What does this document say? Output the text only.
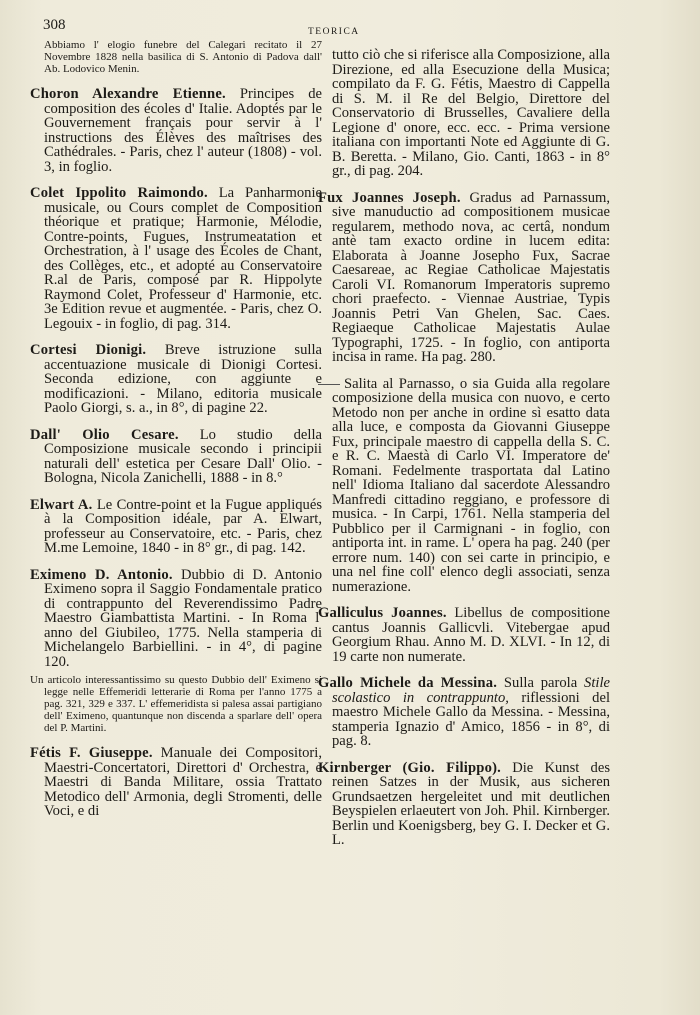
308	TEORICA

Abbiamo l' elogio funebre del Calegari recitato il 27 Novembre 1828 nella basilica di S. Antonio di Padova dall' Ab. Lodovico Menin.

Choron Alexandre Etienne. Principes de composition des écoles d' Italie. Adoptés par le Gouvernement français pour servir à l' instructions des Élèves des maîtrises des Cathédrales. - Paris, chez l' auteur (1808) - vol. 3, in foglio.

Colet Ippolito Raimondo. La Panharmonie musicale, ou Cours complet de Composition théorique et pratique; Harmonie, Mélodie, Contre-points, Fugues, Instrumeatation et Orchestration, à l' usage des Écoles de Chant, des Collèges, etc., et adopté au Conservatoire R.al de Paris, composé par R. Hippolyte Raymond Colet, Professeur d' Harmonie, etc. 3e Edition revue et augmentée. - Paris, chez O. Legouix - in foglio, di pag. 314.

Cortesi Dionigi. Breve istruzione sulla accentuazione musicale di Dionigi Cortesi. Seconda edizione, con aggiunte e modificazioni. - Milano, editoria musicale Paolo Giorgi, s. a., in 8°, di pagine 22.

Dall' Olio Cesare. Lo studio della Composizione musicale secondo i principii naturali dell' estetica per Cesare Dall' Olio. - Bologna, Nicola Zanichelli, 1888 - in 8.°

Elwart A. Le Contre-point et la Fugue appliqués à la Composition idéale, par A. Elwart, professeur au Conservatoire, etc. - Paris, chez M.me Lemoine, 1840 - in 8° gr., di pag. 142.

Eximeno D. Antonio. Dubbio di D. Antonio Eximeno sopra il Saggio Fondamentale pratico di contrappunto del Reverendissimo Padre Maestro Giambattista Martini. - In Roma l' anno del Giubileo, 1775. Nella stamperia di Michelangelo Barbiellini. - in 4°, di pagine 120.

Un articolo interessantissimo su questo Dubbio dell' Eximeno si legge nelle Effemeridi letterarie di Roma per l'anno 1775 a pag. 321, 329 e 337. L' effemeridista si palesa assai partigiano dell' Eximeno, quantunque non discenda a sparlare dell' opera del P. Martini.

Fétis F. Giuseppe. Manuale dei Compositori, Maestri-Concertatori, Direttori d' Orchestra, e Maestri di Banda Militare, ossia Trattato Metodico dell' Armonia, degli Stromenti, delle Voci, e di

tutto ciò che si riferisce alla Composizione, alla Direzione, ed alla Esecuzione della Musica; compilato da F. G. Fétis, Maestro di Cappella di S. M. il Re del Belgio, Direttore del Conservatorio di Brusselles, Cavaliere della Legione d' onore, ecc. ecc. - Prima versione italiana con importanti Note ed Aggiunte di G. B. Beretta. - Milano, Gio. Canti, 1863 - in 8° gr., di pag. 204.

Fux Joannes Joseph. Gradus ad Parnassum, sive manuductio ad compositionem musicae regularem, methodo nova, ac certâ, nondum antè tam exacto ordine in lucem edita: Elaborata à Joanne Josepho Fux, Sacrae Caesareae, ac Regiae Catholicae Majestatis Caroli VI. Romanorum Imperatoris supremo chori praefecto. - Viennae Austriae, Typis Joannis Petri Van Ghelen, Sac. Caes. Regiaeque Catholicae Majestatis Aulae Typographi, 1725. - In foglio, con antiporta incisa in rame. Ha pag. 280.

Salita al Parnasso, o sia Guida alla regolare composizione della musica con nuovo, e certo Metodo non per anche in ordine sì esatto data alla luce, e composta da Giovanni Giuseppe Fux, principale maestro di cappella della S. C. e R. C. Maestà di Carlo VI. Imperatore de' Romani. Fedelmente trasportata dal Latino nell' Idioma Italiano dal sacerdote Alessandro Manfredi cittadino reggiano, e professore di musica. - In Carpi, 1761. Nella stamperia del Pubblico per il Carmignani - in foglio, con antiporta int. in rame. L' opera ha pag. 240 (per errore num. 140) con sei carte in principio, e una nel fine coll' elenco degli associati, senza numerazione.

Galliculus Joannes. Libellus de compositione cantus Joannis Gallicvli. Vitebergae apud Georgium Rhau. Anno M. D. XLVI. - In 12, di 19 carte non numerate.

Gallo Michele da Messina. Sulla parola Stile scolastico in contrappunto, riflessioni del maestro Michele Gallo da Messina. - Messina, stamperia Ignazio d' Amico, 1856 - in 8°, di pag. 8.

Kirnberger (Gio. Filippo). Die Kunst des reinen Satzes in der Musik, aus sicheren Grundsaetzen hergeleitet und mit deutlichen Beyspielen erlaeutert von Joh. Phil. Kirnberger. Berlin und Koenigsberg, bey G. I. Decker et G. L.
